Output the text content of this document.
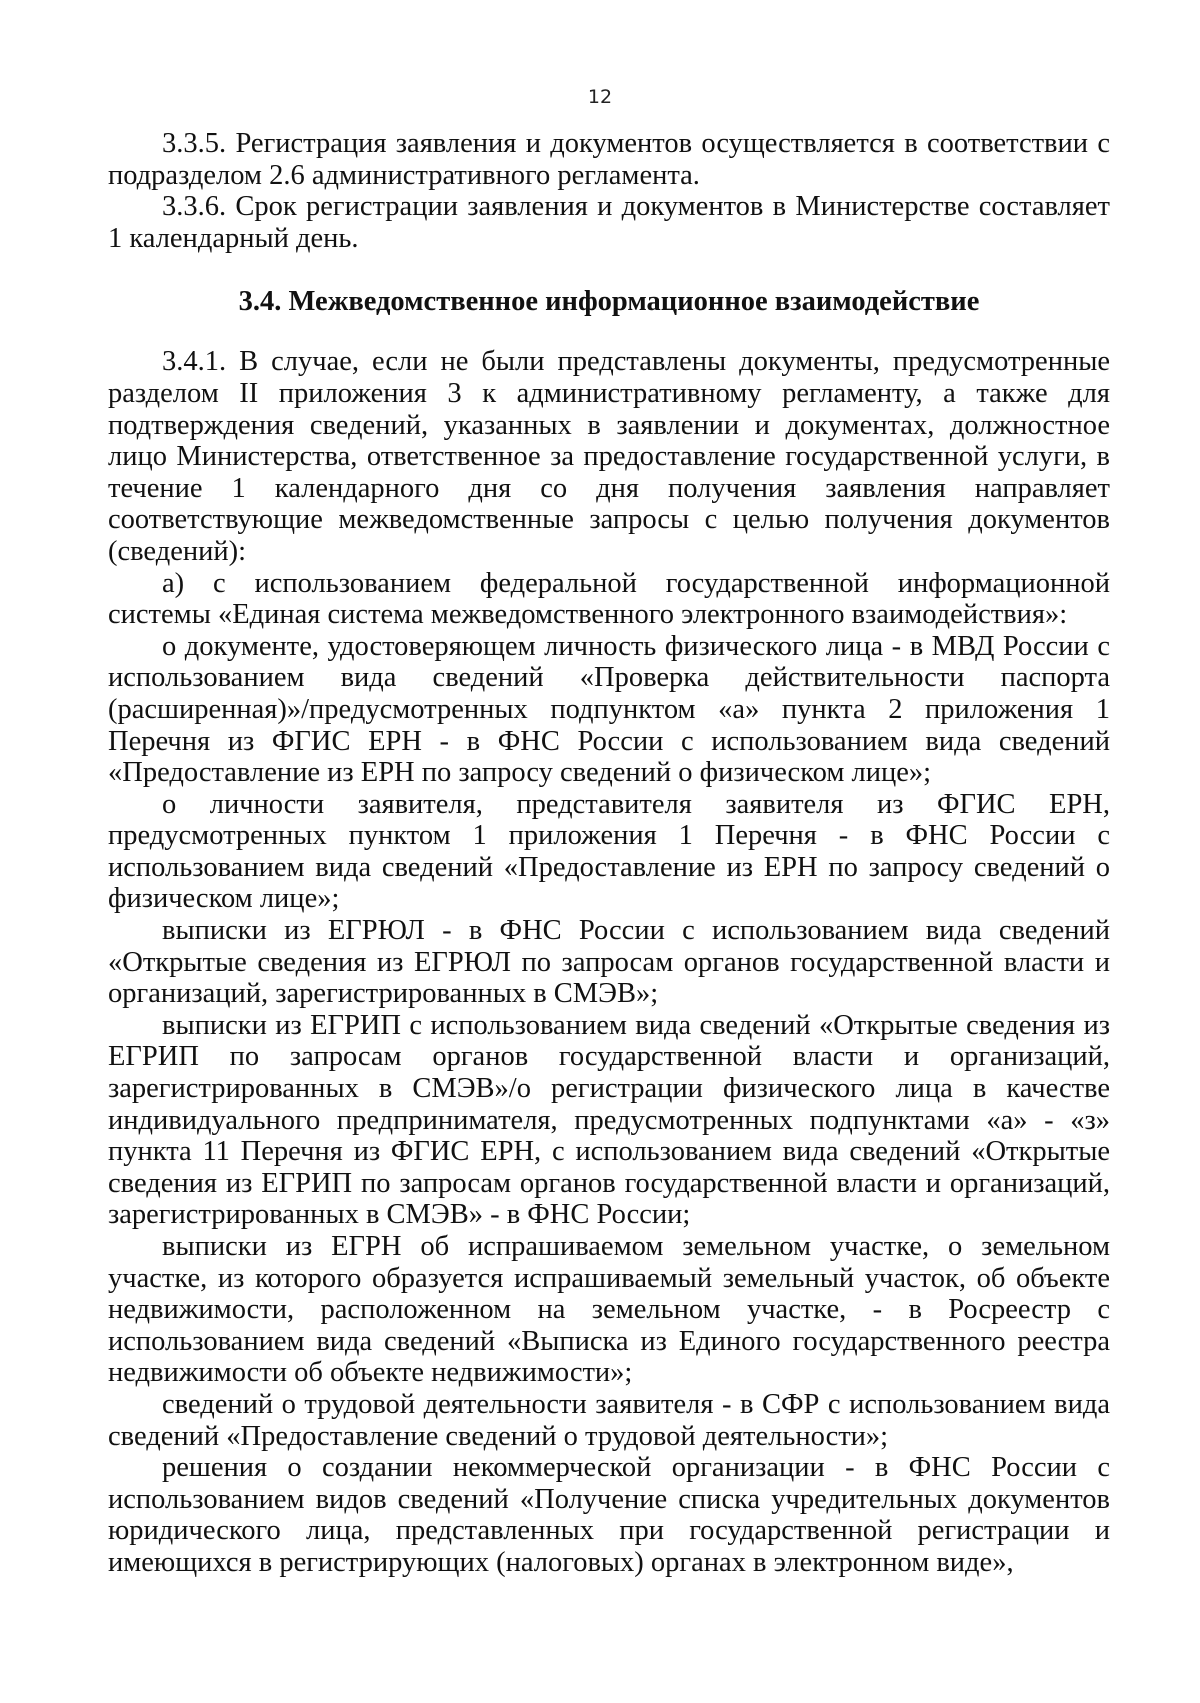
12

3.3.5. Регистрация заявления и документов осуществляется в соответствии с подразделом 2.6 административного регламента.

3.3.6. Срок регистрации заявления и документов в Министерстве составляет 1 календарный день.

3.4. Межведомственное информационное взаимодействие

3.4.1. В случае, если не были представлены документы, предусмотренные разделом II приложения 3 к административному регламенту, а также для подтверждения сведений, указанных в заявлении и документах, должностное лицо Министерства, ответственное за предоставление государственной услуги, в течение 1 календарного дня со дня получения заявления направляет соответствующие межведомственные запросы с целью получения документов (сведений):

а) с использованием федеральной государственной информационной системы «Единая система межведомственного электронного взаимодействия»:

о документе, удостоверяющем личность физического лица - в МВД России с использованием вида сведений «Проверка действительности паспорта (расширенная)»/предусмотренных подпунктом «а» пункта 2 приложения 1 Перечня из ФГИС ЕРН - в ФНС России с использованием вида сведений «Предоставление из ЕРН по запросу сведений о физическом лице»;

о личности заявителя, представителя заявителя из ФГИС ЕРН, предусмотренных пунктом 1 приложения 1 Перечня - в ФНС России с использованием вида сведений «Предоставление из ЕРН по запросу сведений о физическом лице»;

выписки из ЕГРЮЛ - в ФНС России с использованием вида сведений «Открытые сведения из ЕГРЮЛ по запросам органов государственной власти и организаций, зарегистрированных в СМЭВ»;

выписки из ЕГРИП с использованием вида сведений «Открытые сведения из ЕГРИП по запросам органов государственной власти и организаций, зарегистрированных в СМЭВ»/о регистрации физического лица в качестве индивидуального предпринимателя, предусмотренных подпунктами «а» - «з» пункта 11 Перечня из ФГИС ЕРН, с использованием вида сведений «Открытые сведения из ЕГРИП по запросам органов государственной власти и организаций, зарегистрированных в СМЭВ» - в ФНС России;

выписки из ЕГРН об испрашиваемом земельном участке, о земельном участке, из которого образуется испрашиваемый земельный участок, об объекте недвижимости, расположенном на земельном участке, - в Росреестр с использованием вида сведений «Выписка из Единого государственного реестра недвижимости об объекте недвижимости»;

сведений о трудовой деятельности заявителя - в СФР с использованием вида сведений «Предоставление сведений о трудовой деятельности»;

решения о создании некоммерческой организации - в ФНС России с использованием видов сведений «Получение списка учредительных документов юридического лица, представленных при государственной регистрации и имеющихся в регистрирующих (налоговых) органах в электронном виде»,
